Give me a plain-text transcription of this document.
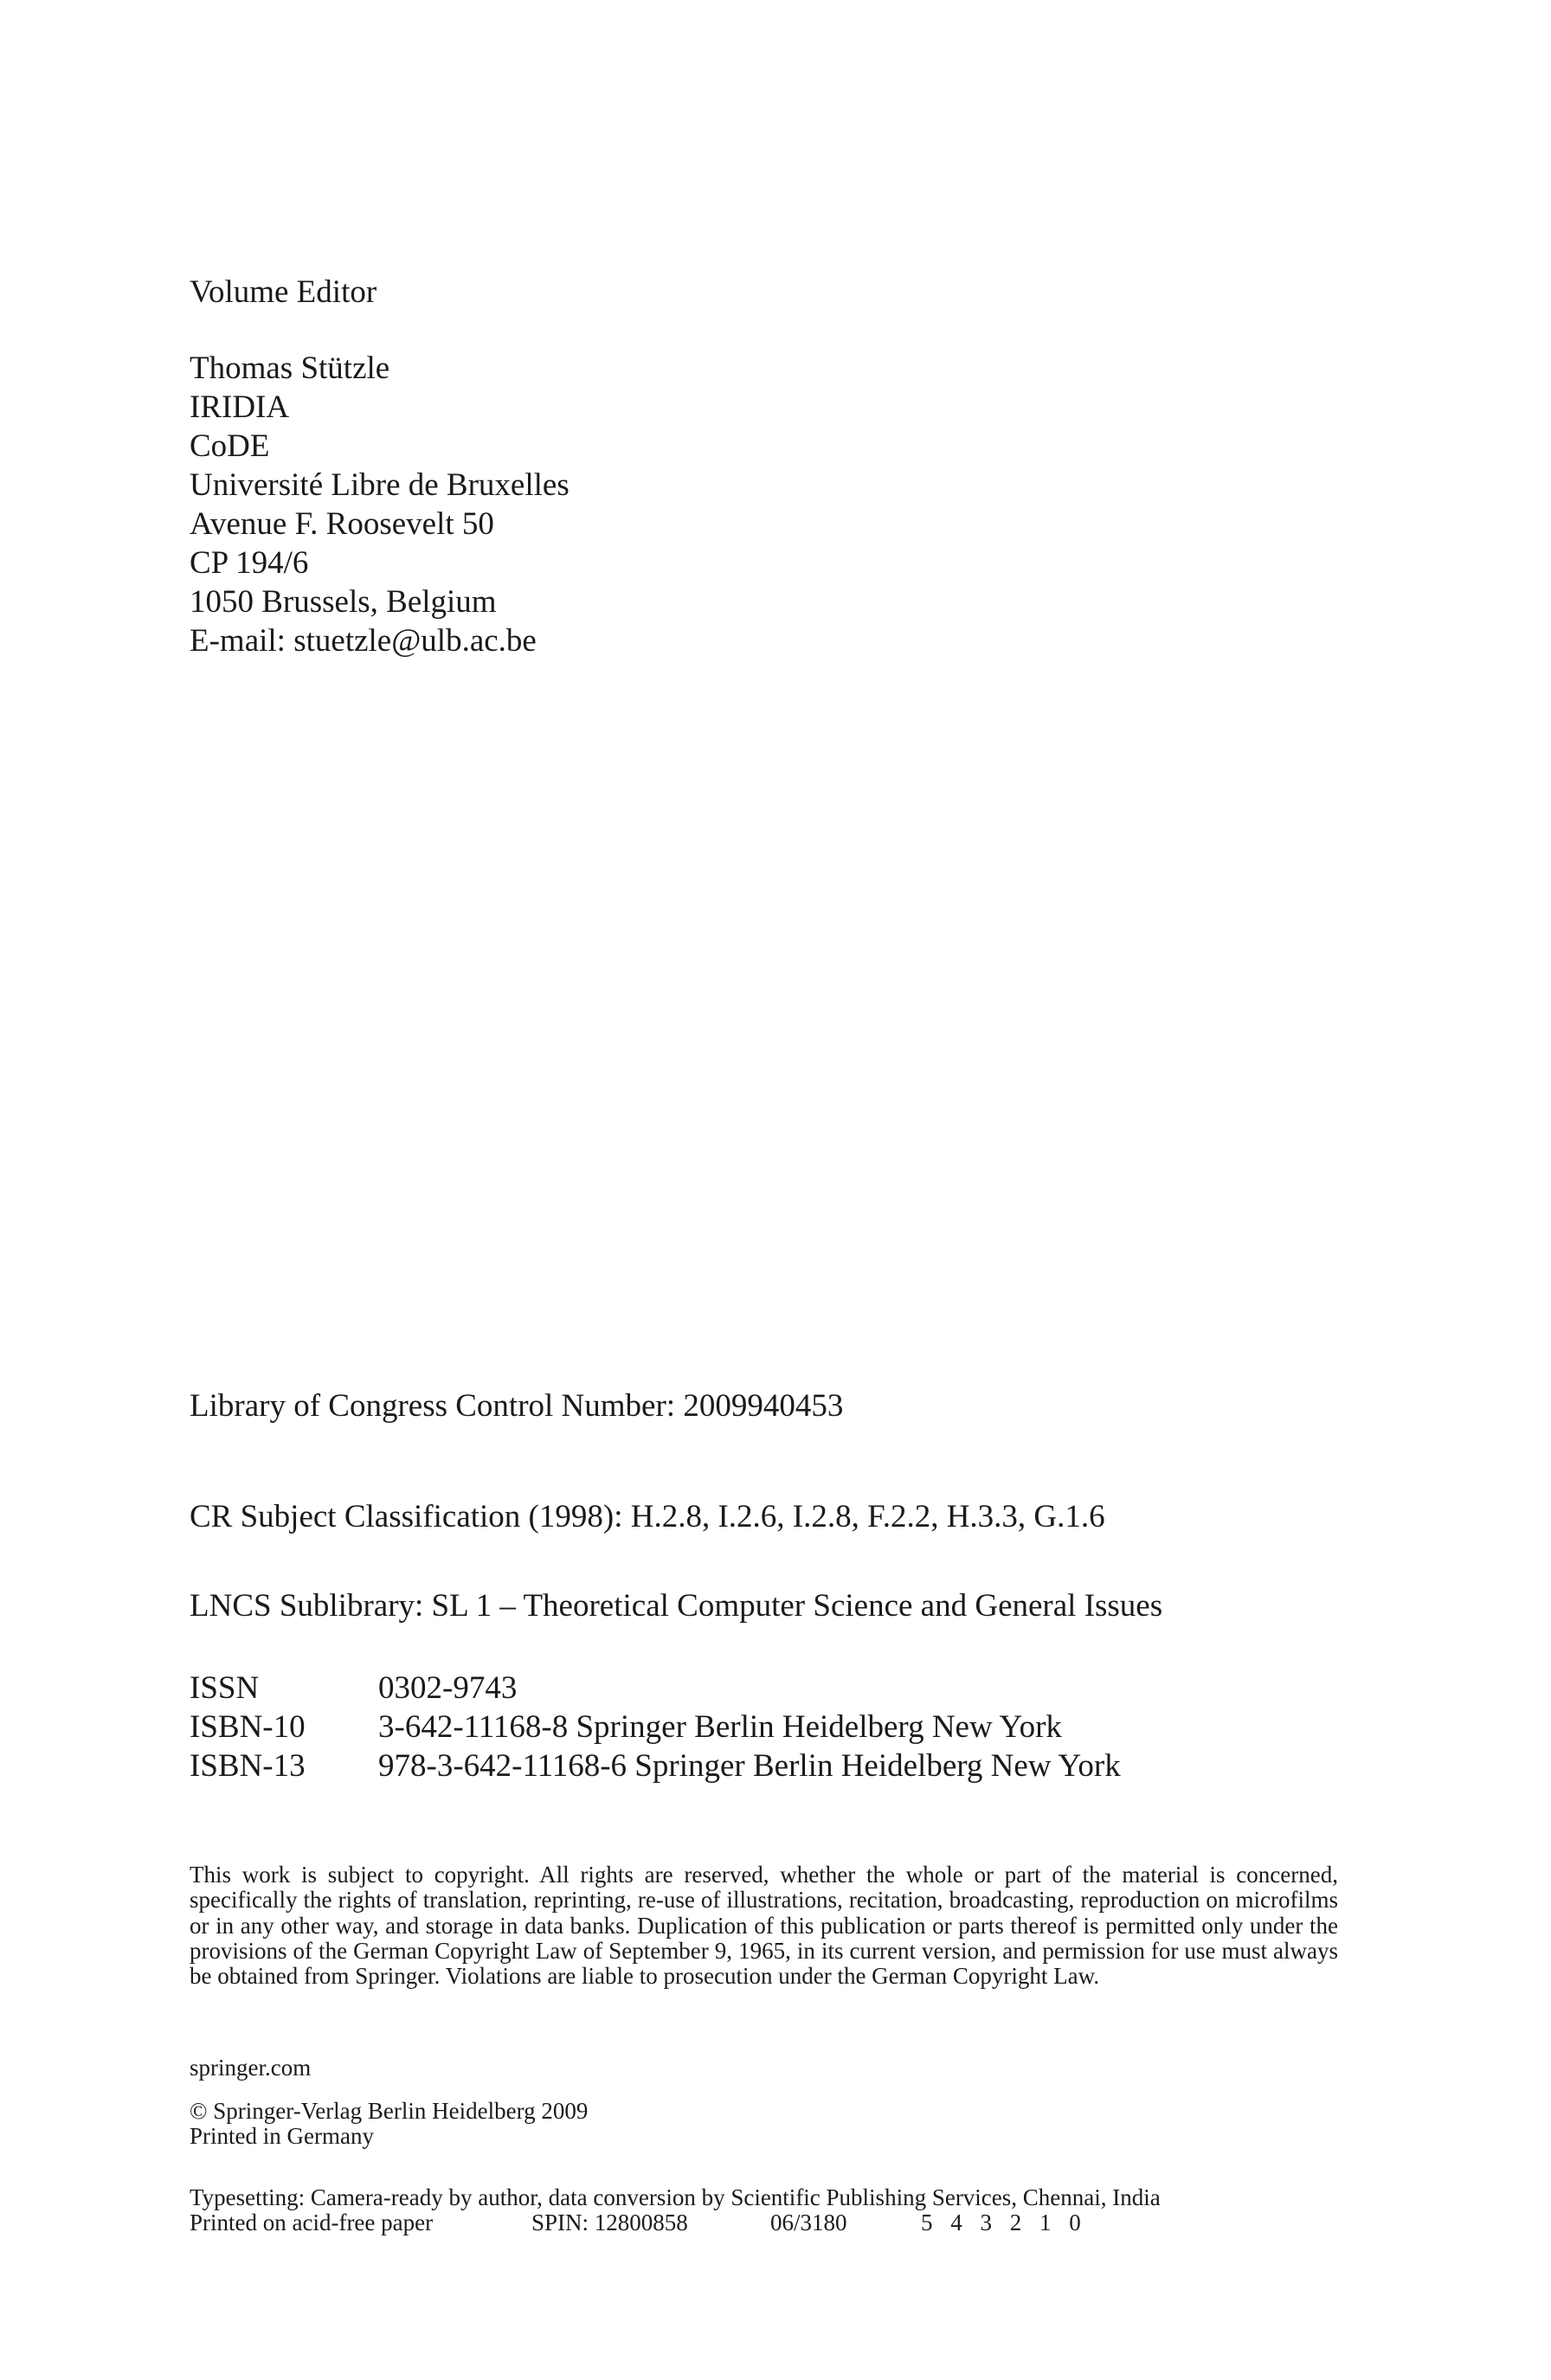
Volume Editor
Thomas Stützle
IRIDIA
CoDE
Université Libre de Bruxelles
Avenue F. Roosevelt 50
CP 194/6
1050 Brussels, Belgium
E-mail: stuetzle@ulb.ac.be
Library of Congress Control Number: 2009940453
CR Subject Classification (1998): H.2.8, I.2.6, I.2.8, F.2.2, H.3.3, G.1.6
LNCS Sublibrary: SL 1 – Theoretical Computer Science and General Issues
ISSN	0302-9743
ISBN-10	3-642-11168-8 Springer Berlin Heidelberg New York
ISBN-13	978-3-642-11168-6 Springer Berlin Heidelberg New York
This work is subject to copyright. All rights are reserved, whether the whole or part of the material is concerned, specifically the rights of translation, reprinting, re-use of illustrations, recitation, broadcasting, reproduction on microfilms or in any other way, and storage in data banks. Duplication of this publication or parts thereof is permitted only under the provisions of the German Copyright Law of September 9, 1965, in its current version, and permission for use must always be obtained from Springer. Violations are liable to prosecution under the German Copyright Law.
springer.com
© Springer-Verlag Berlin Heidelberg 2009
Printed in Germany
Typesetting: Camera-ready by author, data conversion by Scientific Publishing Services, Chennai, India
Printed on acid-free paper	SPIN: 12800858	06/3180	5 4 3 2 1 0
